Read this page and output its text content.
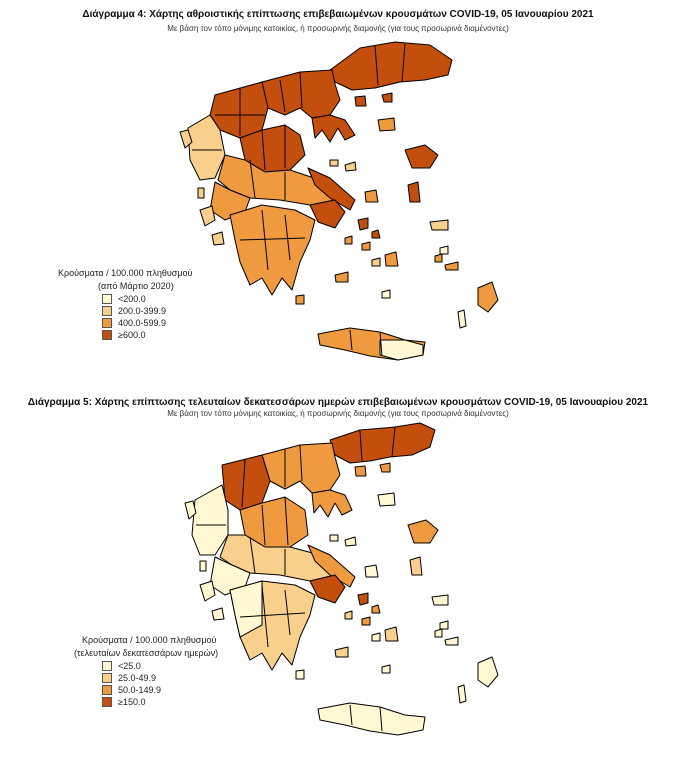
Διάγραμμα 4: Χάρτης αθροιστικής επίπτωσης επιβεβαιωμένων κρουσμάτων COVID-19, 05 Ιανουαρίου 2021
Με βάση τον τόπο μόνιμης κατοικίας, ή προσωρινής διαμονής (για τους προσωρινά διαμένοντες)
Κρούσματα / 100.000 πληθυσμού
(από Μάρτιο 2020)
<200.0
200.0-399.9
400.0-599.9
≥600.0
Διάγραμμα 5: Χάρτης επίπτωσης τελευταίων δεκατεσσάρων ημερών επιβεβαιωμένων κρουσμάτων COVID-19, 05 Ιανουαρίου 2021
Με βάση τον τόπο μόνιμης κατοικίας, ή προσωρινής διαμονής (για τους προσωρινά διαμένοντες)
Κρούσματα / 100.000 πληθυσμού
(τελευταίων δεκατεσσάρων ημερών)
<25.0
25.0-49.9
50.0-149.9
≥150.0
